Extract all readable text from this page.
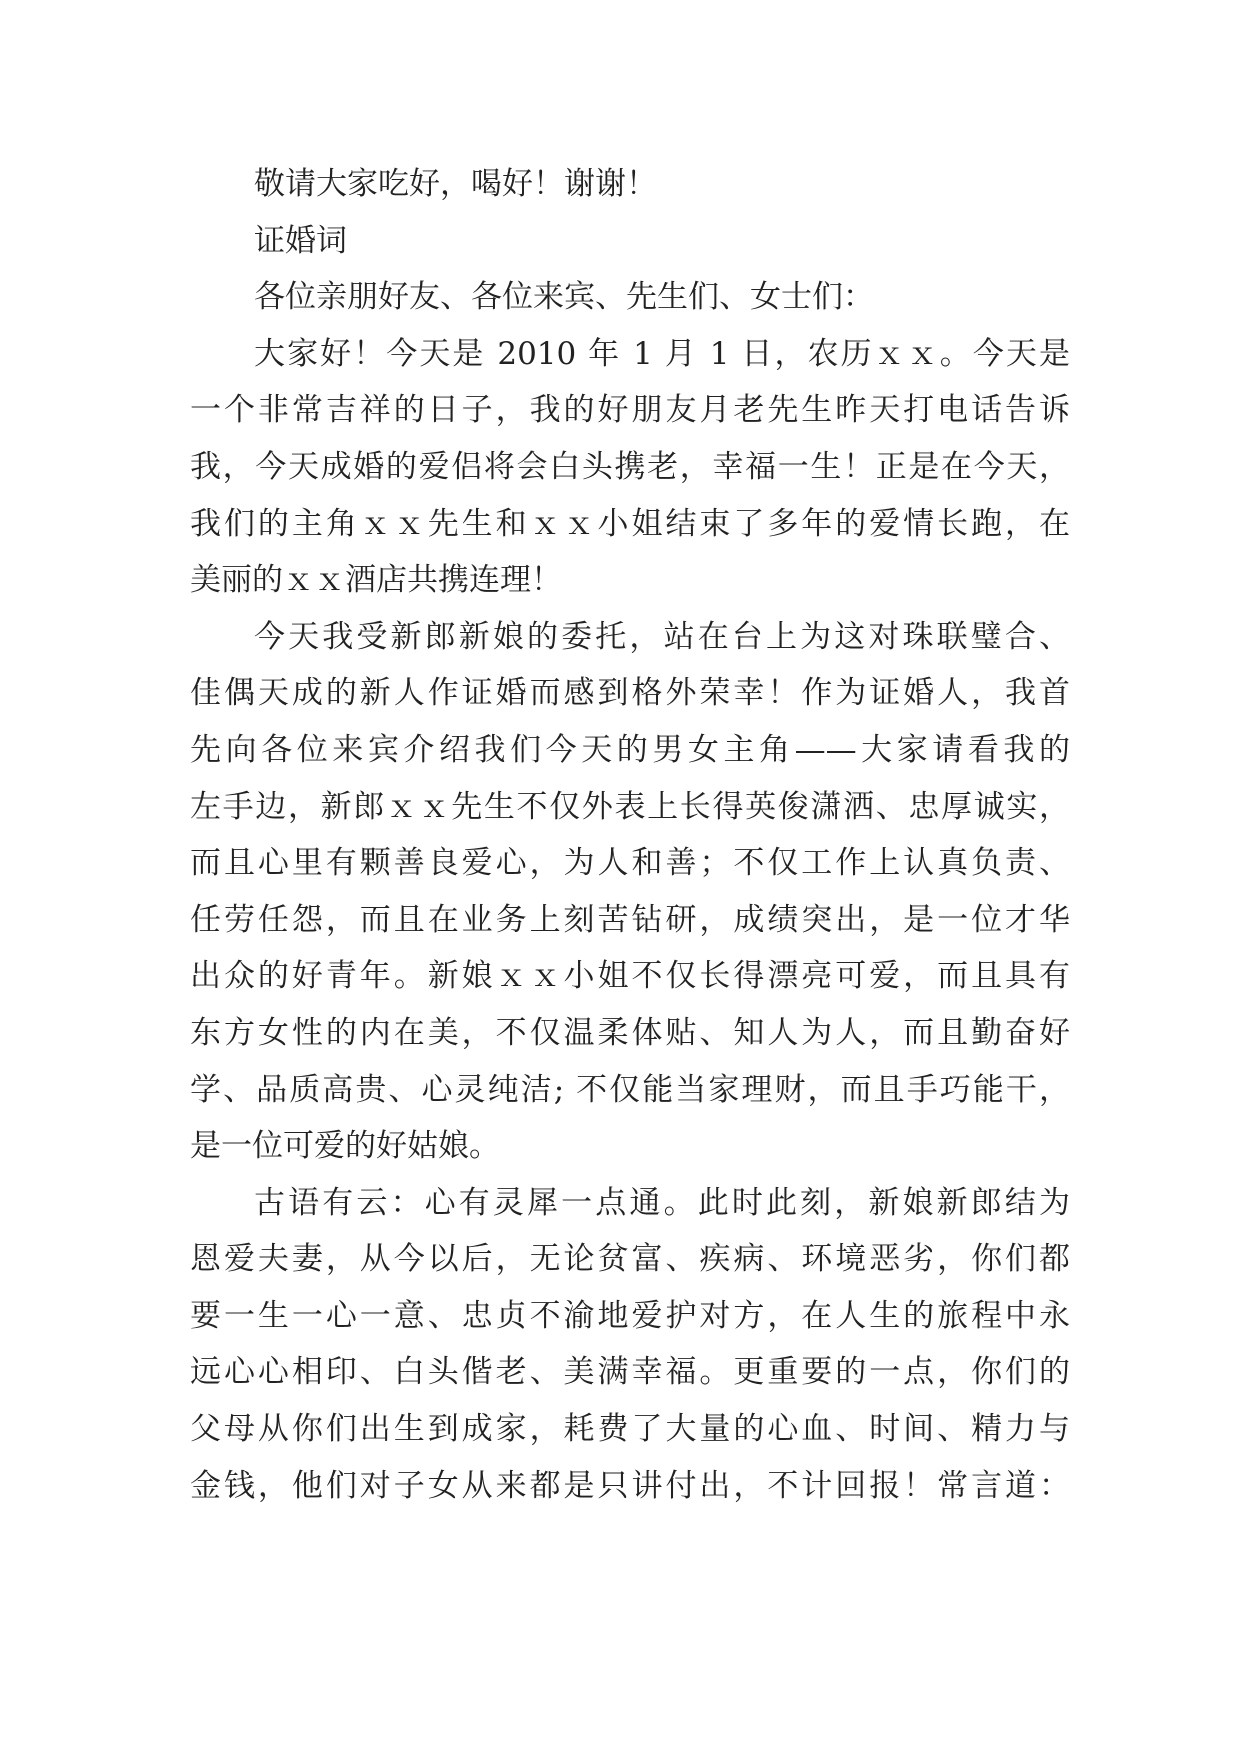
敬请大家吃好，喝好！谢谢！
证婚词
各位亲朋好友、各位来宾、先生们、女士们：
大家好！今天是 2010 年 1 月 1 日，农历ｘｘ。今天是
一个非常吉祥的日子，我的好朋友月老先生昨天打电话告诉
我，今天成婚的爱侣将会白头携老，幸福一生！正是在今天，
我们的主角ｘｘ先生和ｘｘ小姐结束了多年的爱情长跑，在
美丽的ｘｘ酒店共携连理！
今天我受新郎新娘的委托，站在台上为这对珠联璧合、
佳偶天成的新人作证婚而感到格外荣幸！作为证婚人，我首
先向各位来宾介绍我们今天的男女主角——大家请看我的
左手边，新郎ｘｘ先生不仅外表上长得英俊潇洒、忠厚诚实，
而且心里有颗善良爱心，为人和善；不仅工作上认真负责、
任劳任怨，而且在业务上刻苦钻研，成绩突出，是一位才华
出众的好青年。新娘ｘｘ小姐不仅长得漂亮可爱，而且具有
东方女性的内在美，不仅温柔体贴、知人为人，而且勤奋好
学、品质高贵、心灵纯洁; 不仅能当家理财，而且手巧能干，
是一位可爱的好姑娘。
古语有云：心有灵犀一点通。此时此刻，新娘新郎结为
恩爱夫妻，从今以后，无论贫富、疾病、环境恶劣，你们都
要一生一心一意、忠贞不渝地爱护对方，在人生的旅程中永
远心心相印、白头偕老、美满幸福。更重要的一点，你们的
父母从你们出生到成家，耗费了大量的心血、时间、精力与
金钱，他们对子女从来都是只讲付出，不计回报！常言道：
